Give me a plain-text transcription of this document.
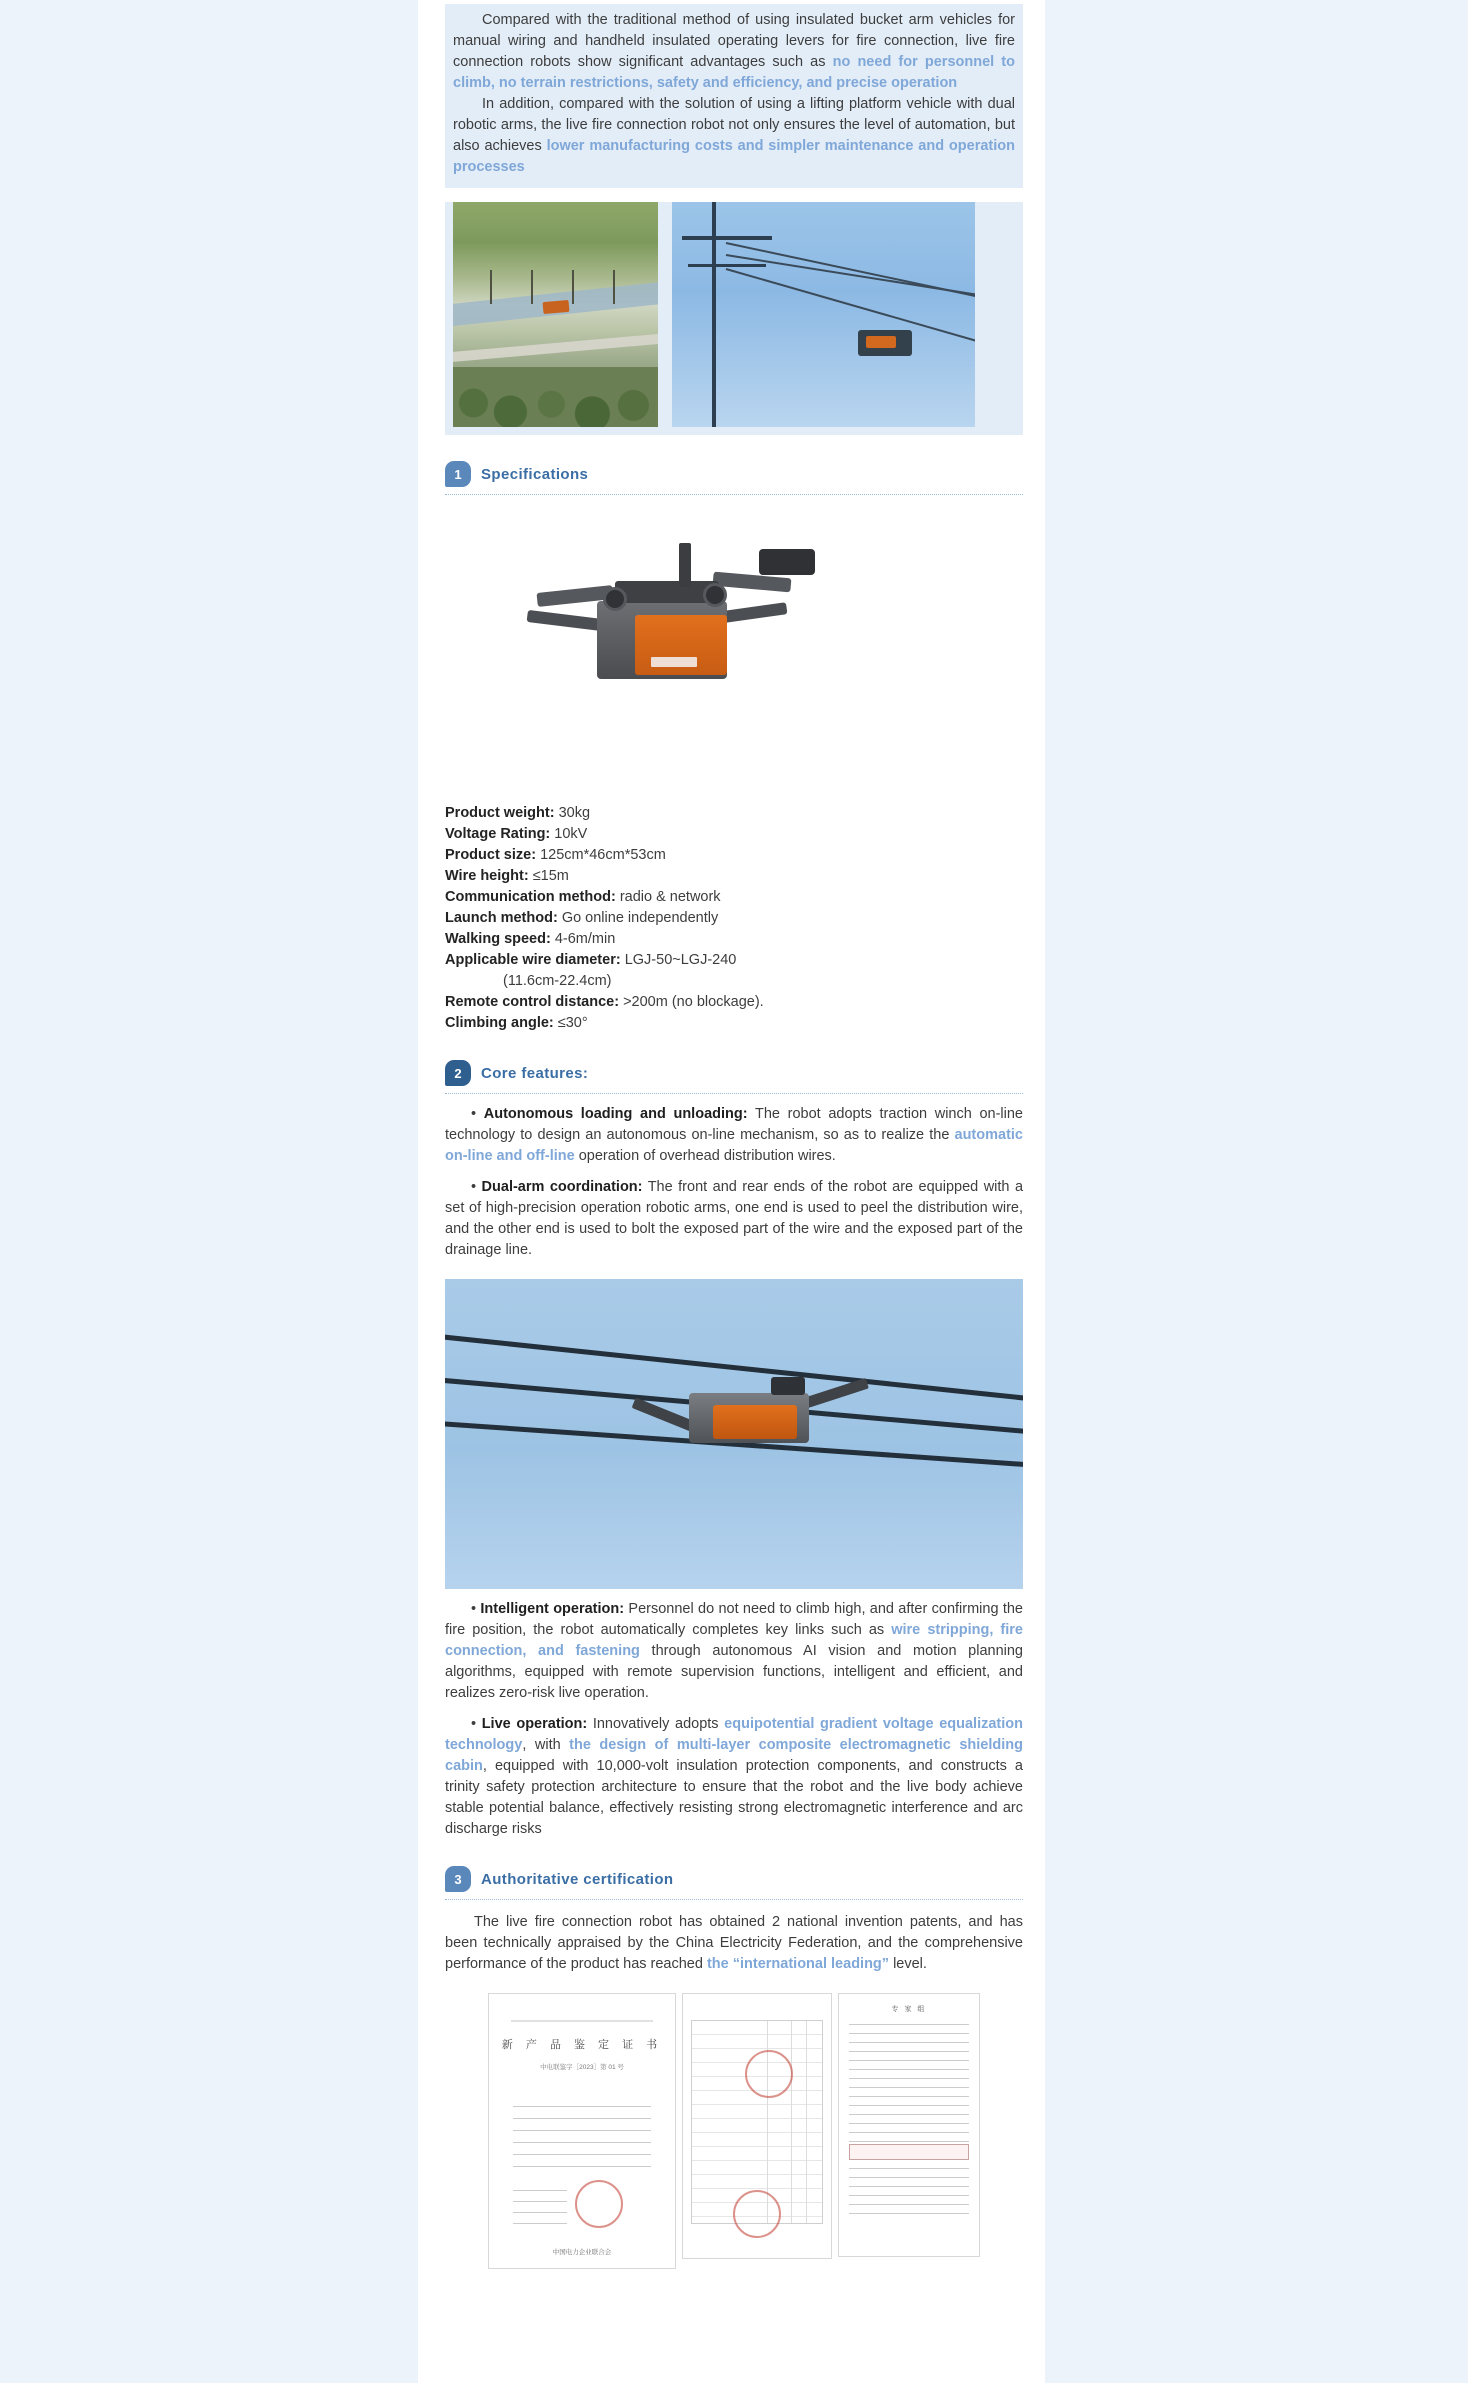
Compared with the traditional method of using insulated bucket arm vehicles for manual wiring and handheld insulated operating levers for fire connection, live fire connection robots show significant advantages such as no need for personnel to climb, no terrain restrictions, safety and efficiency, and precise operation

In addition, compared with the solution of using a lifting platform vehicle with dual robotic arms, the live fire connection robot not only ensures the level of automation, but also achieves lower manufacturing costs and simpler maintenance and operation processes

1	Specifications
Product weight: 30kg
Voltage Rating: 10kV
Product size: 125cm*46cm*53cm
Wire height: ≤15m
Communication method: radio & network
Launch method: Go online independently
Walking speed: 4-6m/min
Applicable wire diameter: LGJ-50~LGJ-240
(11.6cm-22.4cm)
Remote control distance: >200m (no blockage).
Climbing angle: ≤30°
2	Core features:

• Autonomous loading and unloading: The robot adopts traction winch on-line technology to design an autonomous on-line mechanism, so as to realize the automatic on-line and off-line operation of overhead distribution wires.

• Dual-arm coordination: The front and rear ends of the robot are equipped with a set of high-precision operation robotic arms, one end is used to peel the distribution wire, and the other end is used to bolt the exposed part of the wire and the exposed part of the drainage line.

• Intelligent operation: Personnel do not need to climb high, and after confirming the fire position, the robot automatically completes key links such as wire stripping, fire connection, and fastening through autonomous AI vision and motion planning algorithms, equipped with remote supervision functions, intelligent and efficient, and realizes zero-risk live operation.

• Live operation: Innovatively adopts equipotential gradient voltage equalization technology, with the design of multi-layer composite electromagnetic shielding cabin, equipped with 10,000-volt insulation protection components, and constructs a trinity safety protection architecture to ensure that the robot and the live body achieve stable potential balance, effectively resisting strong electromagnetic interference and arc discharge risks

3	Authoritative certification

The live fire connection robot has obtained 2 national invention patents, and has been technically appraised by the China Electricity Federation, and the comprehensive performance of the product has reached the “international leading” level.

新 产 品 鉴 定 证 书
中电联鉴字［2023］第 01 号
中国电力企业联合会
专 家 组
